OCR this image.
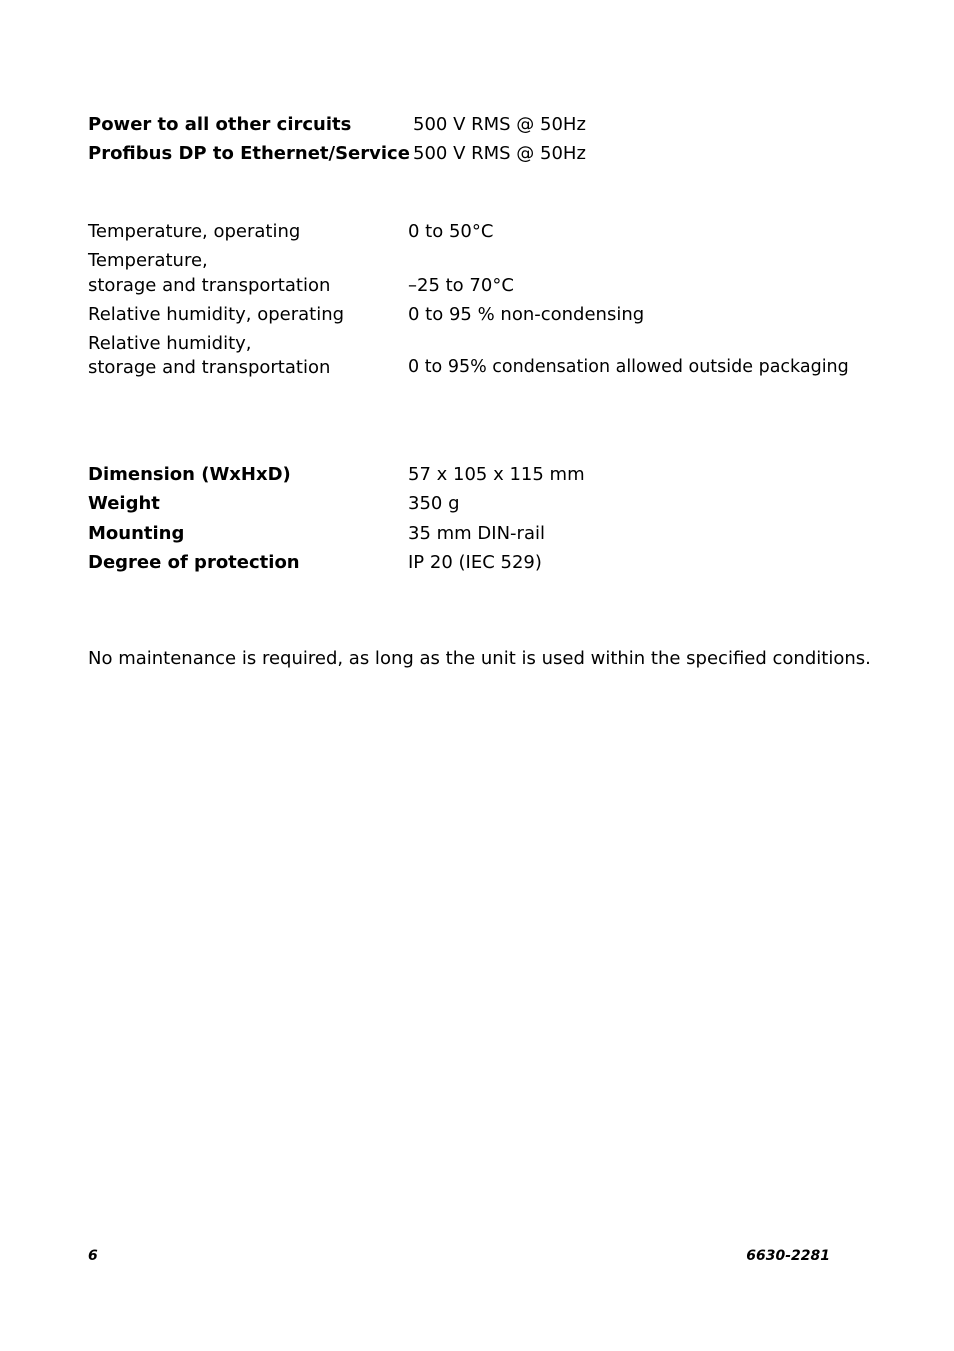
Power to all other circuits	500 V RMS @ 50Hz
Profibus DP to Ethernet/Service 500 V RMS @ 50Hz
Temperature, operating	0 to 50°C
Temperature,
storage and transportation	–25 to 70°C
Relative humidity, operating	0 to 95 % non-condensing
Relative humidity,
storage and transportation	0 to 95% condensation allowed outside packaging
Dimension (WxHxD)	57 x 105 x 115 mm
Weight	350 g
Mounting	35 mm DIN-rail
Degree of protection	IP 20 (IEC 529)
No maintenance is required, as long as the unit is used within the specified conditions.
6	6630-2281
